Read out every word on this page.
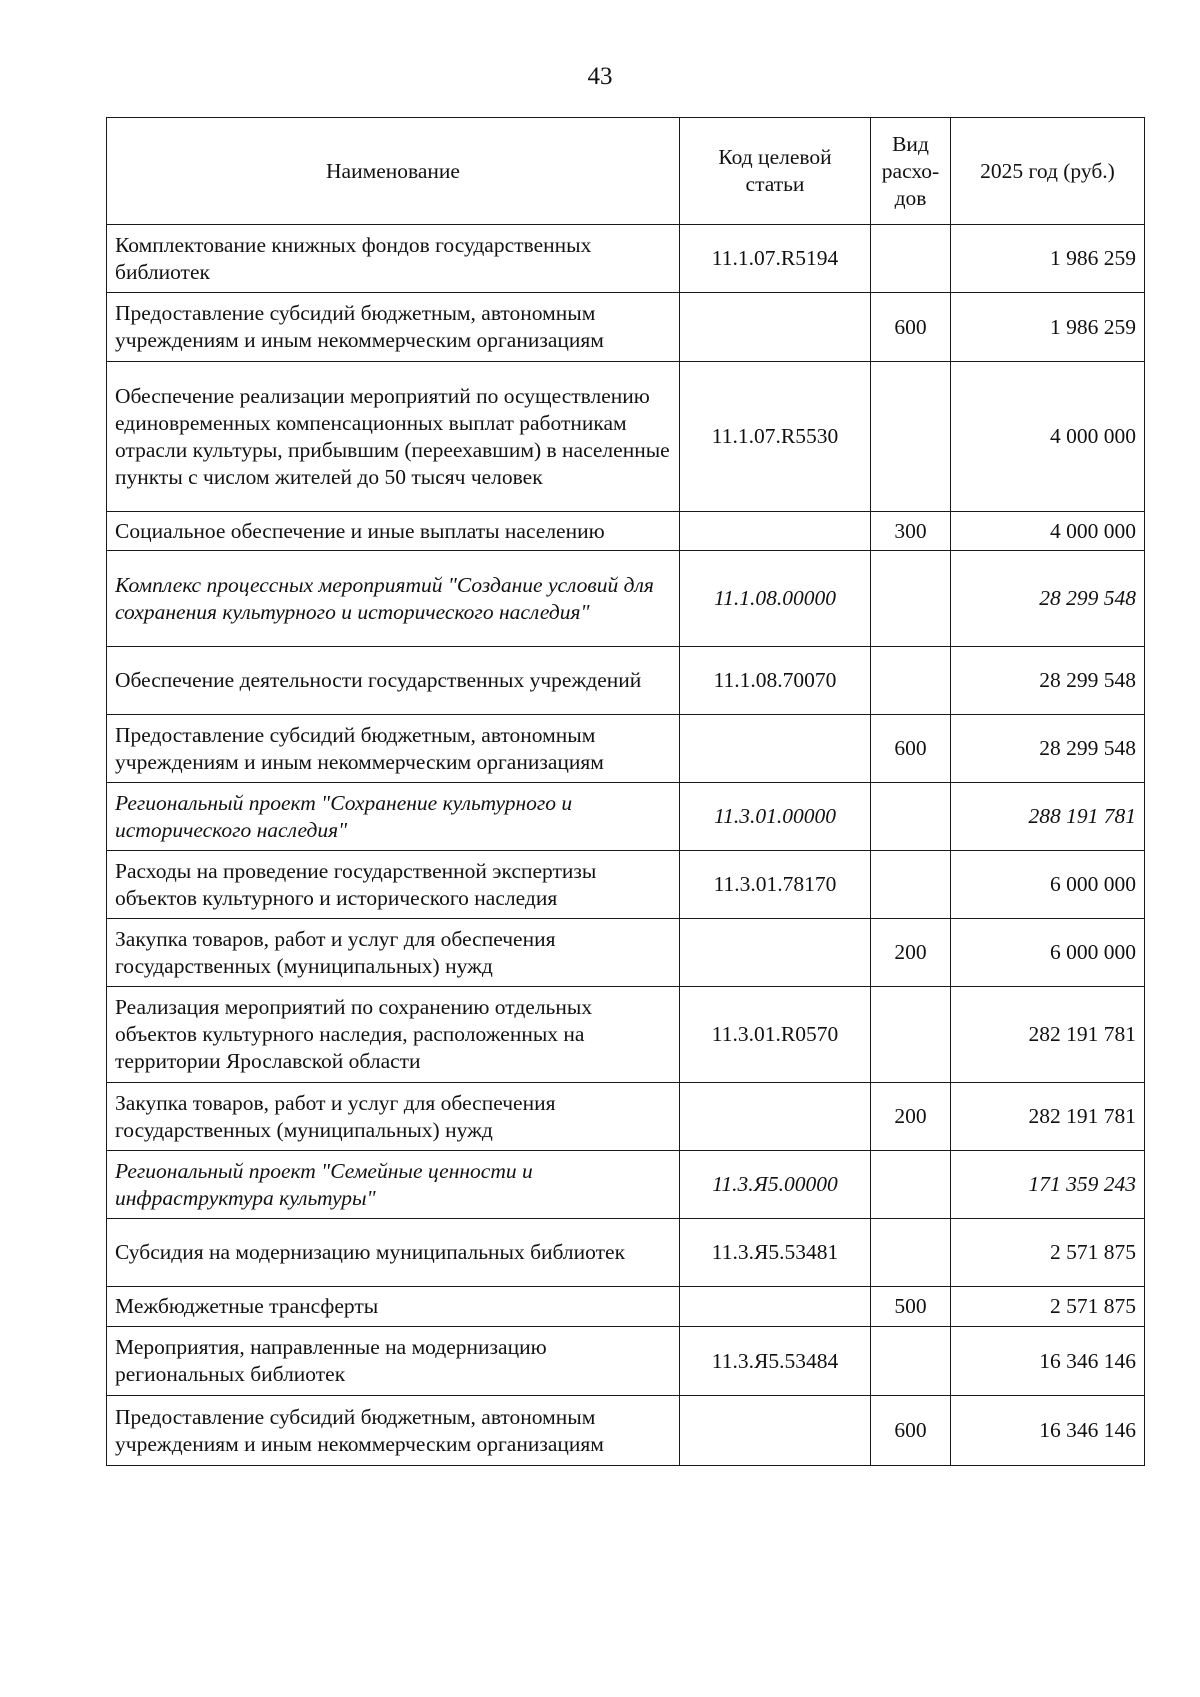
43
Наименование	Код целевой статьи	Вид расхо-дов	2025 год (руб.)
Комплектование книжных фондов государственных библиотек	11.1.07.R5194		1 986 259
Предоставление субсидий бюджетным, автономным учреждениям и иным некоммерческим организациям		600	1 986 259
Обеспечение реализации мероприятий по осуществлению единовременных компенсационных выплат работникам отрасли культуры, прибывшим (переехавшим) в населенные пункты с числом жителей до 50 тысяч человек	11.1.07.R5530		4 000 000
Социальное обеспечение и иные выплаты населению		300	4 000 000
Комплекс процессных мероприятий "Создание условий для сохранения культурного и исторического наследия"	11.1.08.00000		28 299 548
Обеспечение деятельности государственных учреждений	11.1.08.70070		28 299 548
Предоставление субсидий бюджетным, автономным учреждениям и иным некоммерческим организациям		600	28 299 548
Региональный проект "Сохранение культурного и исторического наследия"	11.3.01.00000		288 191 781
Расходы на проведение государственной экспертизы объектов культурного и исторического наследия	11.3.01.78170		6 000 000
Закупка товаров, работ и услуг для обеспечения государственных (муниципальных) нужд		200	6 000 000
Реализация мероприятий по сохранению отдельных объектов культурного наследия, расположенных на территории Ярославской области	11.3.01.R0570		282 191 781
Закупка товаров, работ и услуг для обеспечения государственных (муниципальных) нужд		200	282 191 781
Региональный проект "Семейные ценности и инфраструктура культуры"	11.3.Я5.00000		171 359 243
Субсидия на модернизацию муниципальных библиотек	11.3.Я5.53481		2 571 875
Межбюджетные трансферты		500	2 571 875
Мероприятия, направленные на модернизацию региональных библиотек	11.3.Я5.53484		16 346 146
Предоставление субсидий бюджетным, автономным учреждениям и иным некоммерческим организациям		600	16 346 146
